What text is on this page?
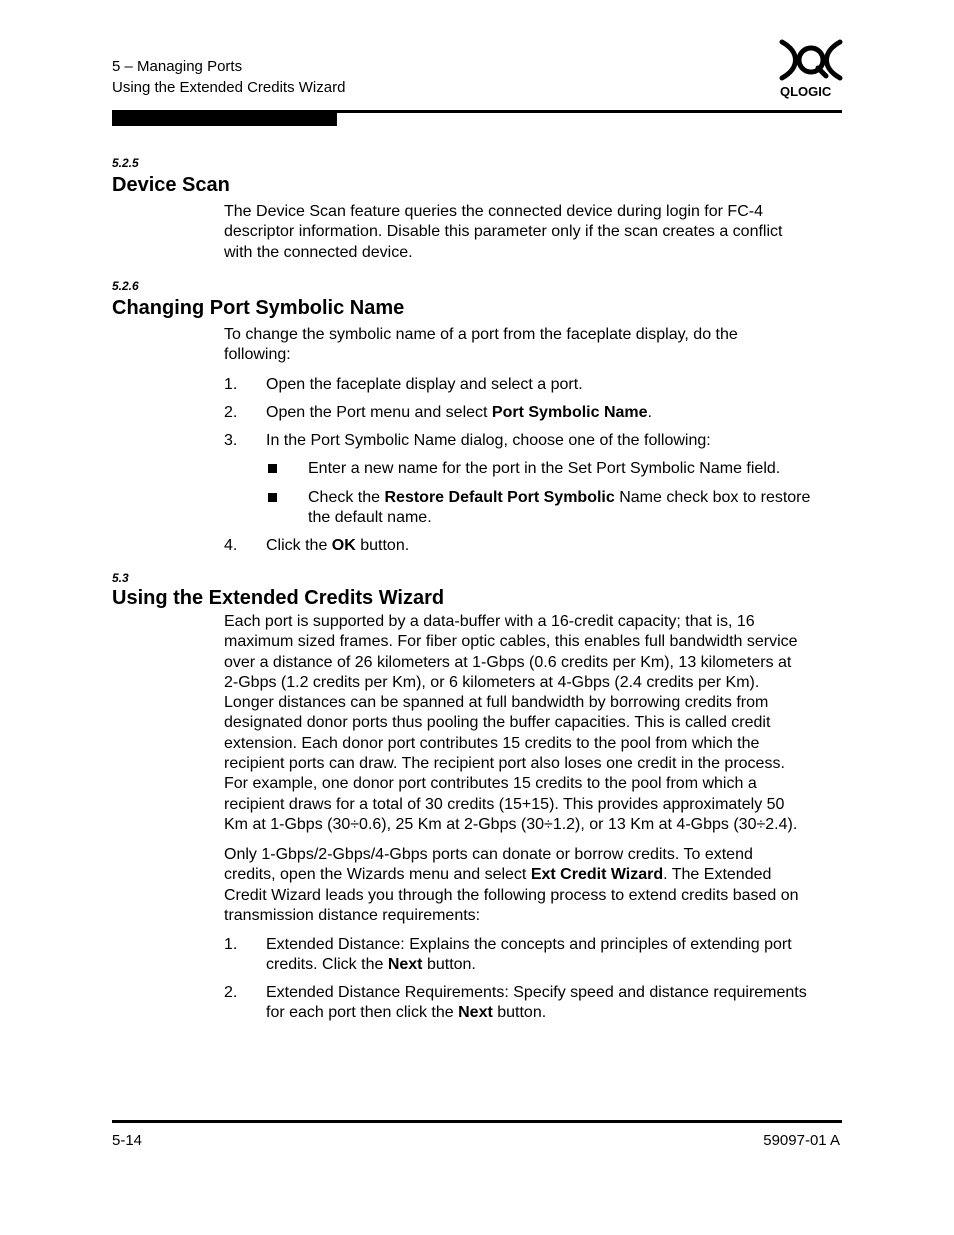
5 – Managing Ports
Using the Extended Credits Wizard	QLOGIC
5.2.5
Device Scan
The Device Scan feature queries the connected device during login for FC-4
descriptor information. Disable this parameter only if the scan creates a conflict
with the connected device.
5.2.6
Changing Port Symbolic Name
To change the symbolic name of a port from the faceplate display, do the
following:
1. Open the faceplate display and select a port.
2. Open the Port menu and select Port Symbolic Name.
3. In the Port Symbolic Name dialog, choose one of the following:
Enter a new name for the port in the Set Port Symbolic Name field.
Check the Restore Default Port Symbolic Name check box to restore
the default name.
4. Click the OK button.
5.3
Using the Extended Credits Wizard
Each port is supported by a data-buffer with a 16-credit capacity; that is, 16
maximum sized frames. For fiber optic cables, this enables full bandwidth service
over a distance of 26 kilometers at 1-Gbps (0.6 credits per Km), 13 kilometers at
2-Gbps (1.2 credits per Km), or 6 kilometers at 4-Gbps (2.4 credits per Km).
Longer distances can be spanned at full bandwidth by borrowing credits from
designated donor ports thus pooling the buffer capacities. This is called credit
extension. Each donor port contributes 15 credits to the pool from which the
recipient ports can draw. The recipient port also loses one credit in the process.
For example, one donor port contributes 15 credits to the pool from which a
recipient draws for a total of 30 credits (15+15). This provides approximately 50
Km at 1-Gbps (30÷0.6), 25 Km at 2-Gbps (30÷1.2), or 13 Km at 4-Gbps (30÷2.4).
Only 1-Gbps/2-Gbps/4-Gbps ports can donate or borrow credits. To extend
credits, open the Wizards menu and select Ext Credit Wizard. The Extended
Credit Wizard leads you through the following process to extend credits based on
transmission distance requirements:
1. Extended Distance: Explains the concepts and principles of extending port
credits. Click the Next button.
2. Extended Distance Requirements: Specify speed and distance requirements
for each port then click the Next button.
5-14	59097-01 A
